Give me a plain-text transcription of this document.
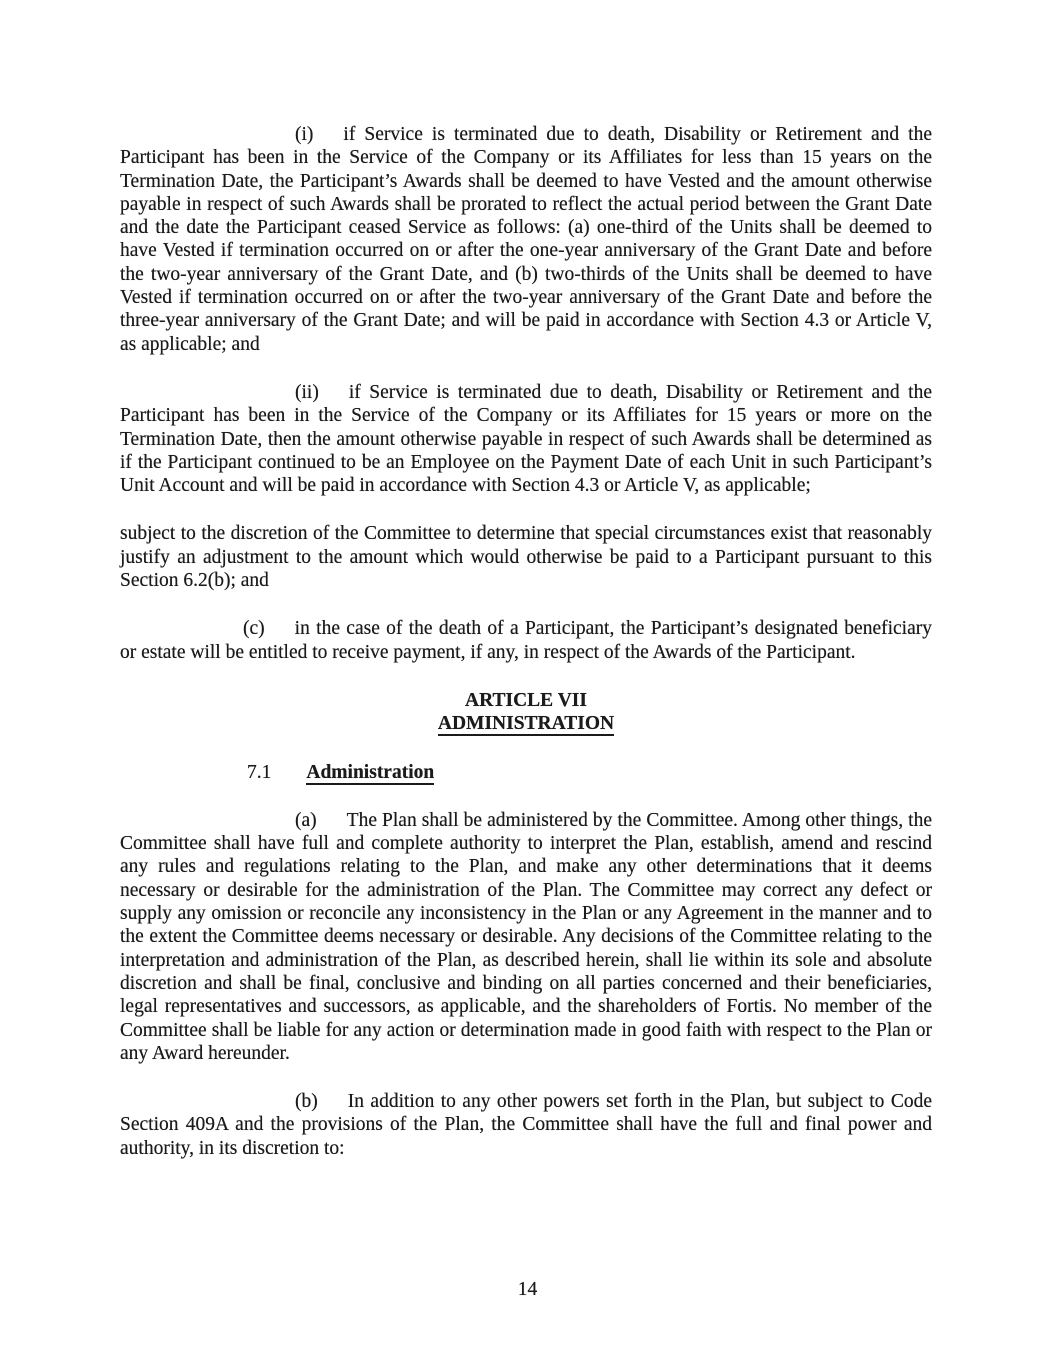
(i) if Service is terminated due to death, Disability or Retirement and the Participant has been in the Service of the Company or its Affiliates for less than 15 years on the Termination Date, the Participant’s Awards shall be deemed to have Vested and the amount otherwise payable in respect of such Awards shall be prorated to reflect the actual period between the Grant Date and the date the Participant ceased Service as follows: (a) one-third of the Units shall be deemed to have Vested if termination occurred on or after the one-year anniversary of the Grant Date and before the two-year anniversary of the Grant Date, and (b) two-thirds of the Units shall be deemed to have Vested if termination occurred on or after the two-year anniversary of the Grant Date and before the three-year anniversary of the Grant Date; and will be paid in accordance with Section 4.3 or Article V, as applicable; and

(ii) if Service is terminated due to death, Disability or Retirement and the Participant has been in the Service of the Company or its Affiliates for 15 years or more on the Termination Date, then the amount otherwise payable in respect of such Awards shall be determined as if the Participant continued to be an Employee on the Payment Date of each Unit in such Participant’s Unit Account and will be paid in accordance with Section 4.3 or Article V, as applicable;

subject to the discretion of the Committee to determine that special circumstances exist that reasonably justify an adjustment to the amount which would otherwise be paid to a Participant pursuant to this Section 6.2(b); and

(c) in the case of the death of a Participant, the Participant’s designated beneficiary or estate will be entitled to receive payment, if any, in respect of the Awards of the Participant.

ARTICLE VII

ADMINISTRATION

7.1 Administration

(a) The Plan shall be administered by the Committee. Among other things, the Committee shall have full and complete authority to interpret the Plan, establish, amend and rescind any rules and regulations relating to the Plan, and make any other determinations that it deems necessary or desirable for the administration of the Plan. The Committee may correct any defect or supply any omission or reconcile any inconsistency in the Plan or any Agreement in the manner and to the extent the Committee deems necessary or desirable. Any decisions of the Committee relating to the interpretation and administration of the Plan, as described herein, shall lie within its sole and absolute discretion and shall be final, conclusive and binding on all parties concerned and their beneficiaries, legal representatives and successors, as applicable, and the shareholders of Fortis. No member of the Committee shall be liable for any action or determination made in good faith with respect to the Plan or any Award hereunder.

(b) In addition to any other powers set forth in the Plan, but subject to Code Section 409A and the provisions of the Plan, the Committee shall have the full and final power and authority, in its discretion to:

14
